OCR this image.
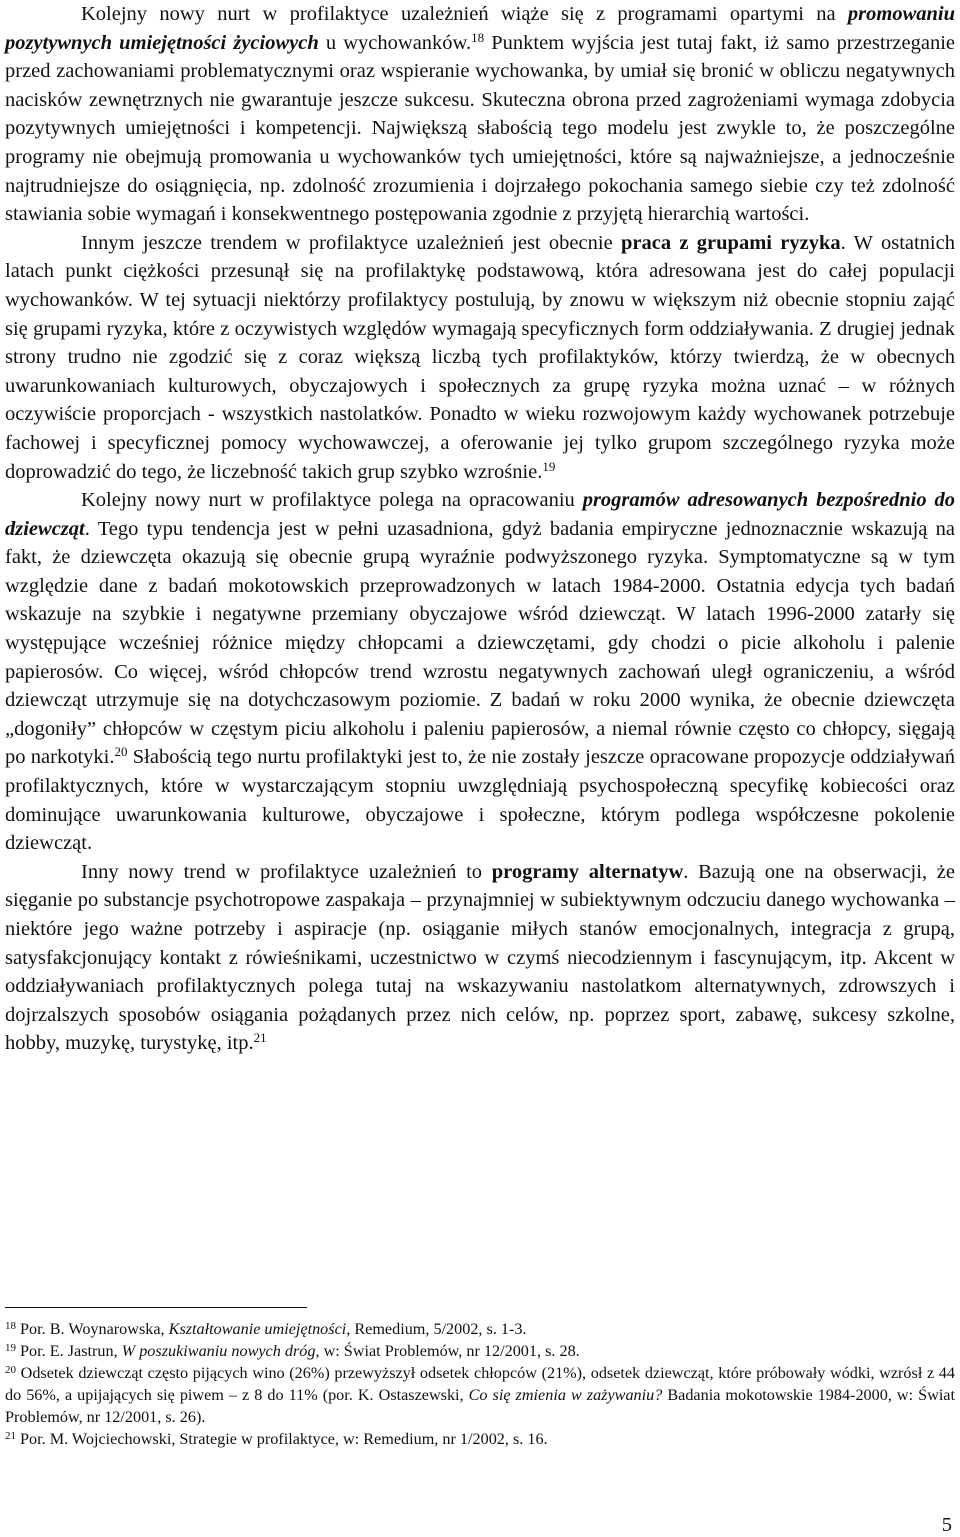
Kolejny nowy nurt w profilaktyce uzależnień wiąże się z programami opartymi na promowaniu pozytywnych umiejętności życiowych u wychowanków.$^{18}$ Punktem wyjścia jest tutaj fakt, iż samo przestrzeganie przed zachowaniami problematycznymi oraz wspieranie wychowanka, by umiał się bronić w obliczu negatywnych nacisków zewnętrznych nie gwarantuje jeszcze sukcesu. Skuteczna obrona przed zagrożeniami wymaga zdobycia pozytywnych umiejętności i kompetencji. Największą słabością tego modelu jest zwykle to, że poszczególne programy nie obejmują promowania u wychowanków tych umiejętności, które są najważniejsze, a jednocześnie najtrudniejsze do osiągnięcia, np. zdolność zrozumienia i dojrzałego pokochania samego siebie czy też zdolność stawiania sobie wymagań i konsekwentnego postępowania zgodnie z przyjętą hierarchią wartości.

Innym jeszcze trendem w profilaktyce uzależnień jest obecnie praca z grupami ryzyka. W ostatnich latach punkt ciężkości przesunął się na profilaktykę podstawową, która adresowana jest do całej populacji wychowanków. W tej sytuacji niektórzy profilaktycy postulują, by znowu w większym niż obecnie stopniu zająć się grupami ryzyka, które z oczywistych względów wymagają specyficznych form oddziaływania. Z drugiej jednak strony trudno nie zgodzić się z coraz większą liczbą tych profilaktyków, którzy twierdzą, że w obecnych uwarunkowaniach kulturowych, obyczajowych i społecznych za grupę ryzyka można uznać – w różnych oczywiście proporcjach - wszystkich nastolatków. Ponadto w wieku rozwojowym każdy wychowanek potrzebuje fachowej i specyficznej pomocy wychowawczej, a oferowanie jej tylko grupom szczególnego ryzyka może doprowadzić do tego, że liczebność takich grup szybko wzrośnie.$^{19}$

Kolejny nowy nurt w profilaktyce polega na opracowaniu programów adresowanych bezpośrednio do dziewcząt. Tego typu tendencja jest w pełni uzasadniona, gdyż badania empiryczne jednoznacznie wskazują na fakt, że dziewczęta okazują się obecnie grupą wyraźnie podwyższonego ryzyka. Symptomatyczne są w tym względzie dane z badań mokotowskich przeprowadzonych w latach 1984-2000. Ostatnia edycja tych badań wskazuje na szybkie i negatywne przemiany obyczajowe wśród dziewcząt. W latach 1996-2000 zatarły się występujące wcześniej różnice między chłopcami a dziewczętami, gdy chodzi o picie alkoholu i palenie papierosów. Co więcej, wśród chłopców trend wzrostu negatywnych zachowań uległ ograniczeniu, a wśród dziewcząt utrzymuje się na dotychczasowym poziomie. Z badań w roku 2000 wynika, że obecnie dziewczęta „dogoniły” chłopców w częstym piciu alkoholu i paleniu papierosów, a niemal równie często co chłopcy, sięgają po narkotyki.$^{20}$ Słabością tego nurtu profilaktyki jest to, że nie zostały jeszcze opracowane propozycje oddziaływań profilaktycznych, które w wystarczającym stopniu uwzględniają psychospołeczną specyfikę kobiecości oraz dominujące uwarunkowania kulturowe, obyczajowe i społeczne, którym podlega współczesne pokolenie dziewcząt.

Inny nowy trend w profilaktyce uzależnień to programy alternatyw. Bazują one na obserwacji, że sięganie po substancje psychotropowe zaspakaja – przynajmniej w subiektywnym odczuciu danego wychowanka – niektóre jego ważne potrzeby i aspiracje (np. osiąganie miłych stanów emocjonalnych, integracja z grupą, satysfakcjonujący kontakt z rówieśnikami, uczestnictwo w czymś niecodziennym i fascynującym, itp. Akcent w oddziaływaniach profilaktycznych polega tutaj na wskazywaniu nastolatkom alternatywnych, zdrowszych i dojrzalszych sposobów osiągania pożądanych przez nich celów, np. poprzez sport, zabawę, sukcesy szkolne, hobby, muzykę, turystykę, itp.$^{21}$

$^{18}$ Por. B. Woynarowska, Kształtowanie umiejętności, Remedium, 5/2002, s. 1-3.

$^{19}$ Por. E. Jastrun, W poszukiwaniu nowych dróg, w: Świat Problemów, nr 12/2001, s. 28.

$^{20}$ Odsetek dziewcząt często pijących wino (26%) przewyższył odsetek chłopców (21%), odsetek dziewcząt, które próbowały wódki, wzrósł z 44 do 56%, a upijających się piwem – z 8 do 11% (por. K. Ostaszewski, Co się zmienia w zażywaniu? Badania mokotowskie 1984-2000, w: Świat Problemów, nr 12/2001, s. 26).

$^{21}$ Por. M. Wojciechowski, Strategie w profilaktyce, w: Remedium, nr 1/2002, s. 16.

5
